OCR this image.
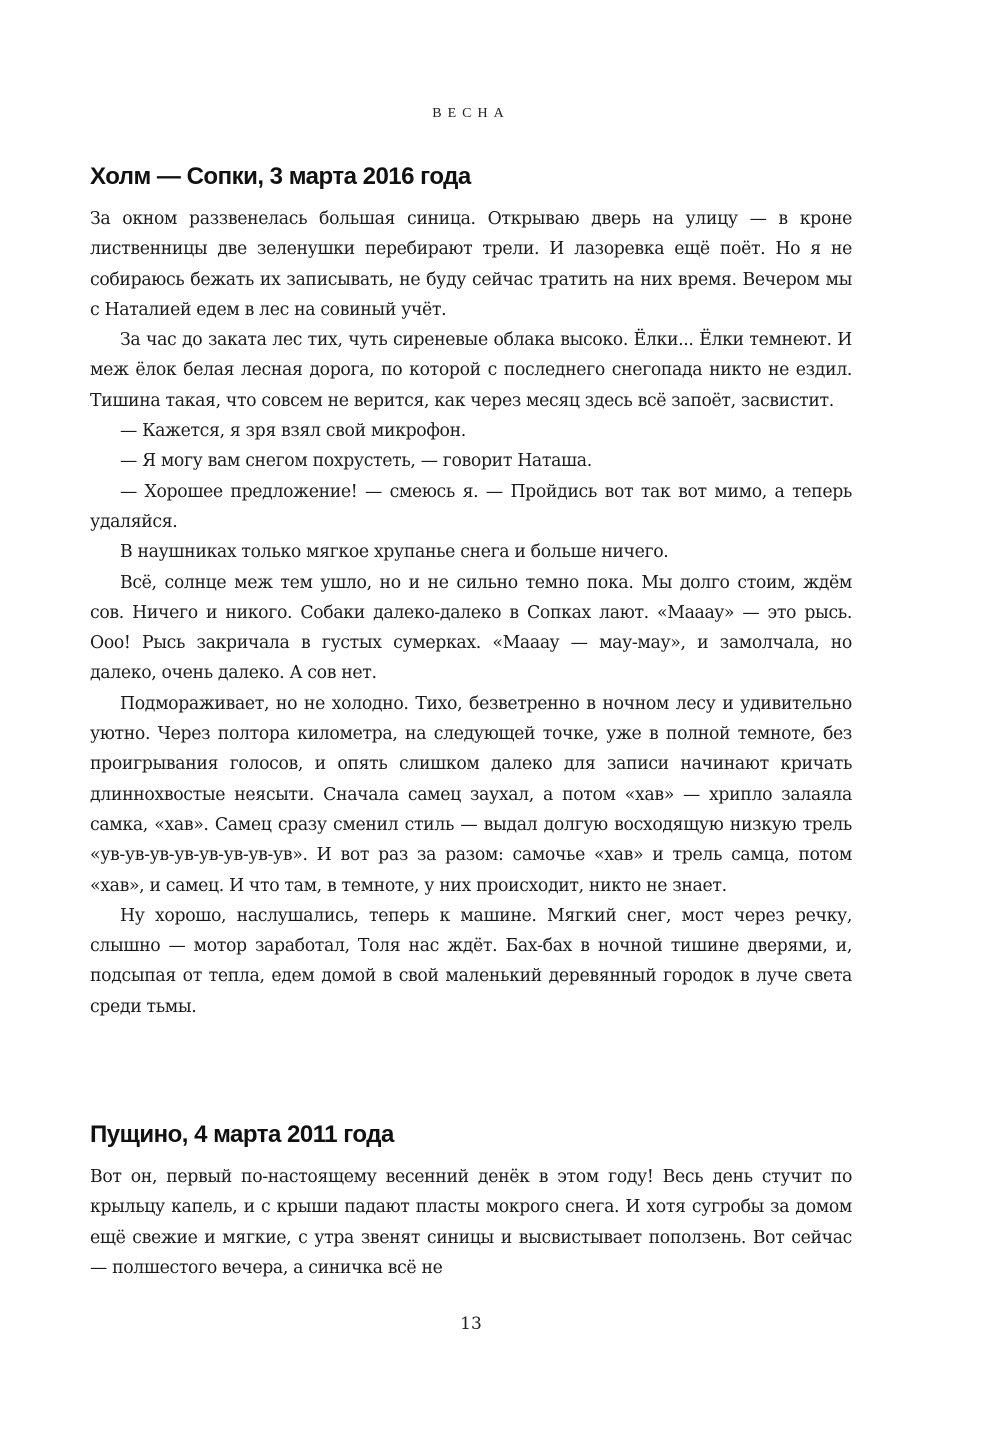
ВЕСНА
Холм — Сопки, 3 марта 2016 года

За окном раззвенелась большая синица. Открываю дверь на улицу — в кроне лиственницы две зеленушки перебирают трели. И лазоревка ещё поёт. Но я не собираюсь бежать их записывать, не буду сейчас тратить на них время. Вечером мы с Наталией едем в лес на совиный учёт.

За час до заката лес тих, чуть сиреневые облака высоко. Ёлки... Ёлки темнеют. И меж ёлок белая лесная дорога, по которой с последнего снегопада никто не ездил. Тишина такая, что совсем не верится, как через месяц здесь всё запоёт, засвистит.

— Кажется, я зря взял свой микрофон.

— Я могу вам снегом похрустеть, — говорит Наташа.

— Хорошее предложение! — смеюсь я. — Пройдись вот так вот мимо, а теперь удаляйся.

В наушниках только мягкое хрупанье снега и больше ничего.

Всё, солнце меж тем ушло, но и не сильно темно пока. Мы долго стоим, ждём сов. Ничего и никого. Собаки далеко-далеко в Сопках лают. «Маааy» — это рысь. Ооо! Рысь закричала в густых сумерках. «Маааy — мау-мау», и замолчала, но далеко, очень далеко. А сов нет.

Подмораживает, но не холодно. Тихо, безветренно в ночном лесу и удивительно уютно. Через полтора километра, на следующей точке, уже в полной темноте, без проигрывания голосов, и опять слишком далеко для записи начинают кричать длиннохвостые неясыти. Сначала самец заухал, а потом «хав» — хрипло залаяла самка, «хав». Самец сразу сменил стиль — выдал долгую восходящую низкую трель «ув-ув-ув-ув-ув-ув-ув-ув». И вот раз за разом: самочье «хав» и трель самца, потом «хав», и самец. И что там, в темноте, у них происходит, никто не знает.

Ну хорошо, наслушались, теперь к машине. Мягкий снег, мост через речку, слышно — мотор заработал, Толя нас ждёт. Бах-бах в ночной тишине дверями, и, подсыпая от тепла, едем домой в свой маленький деревянный городок в луче света среди тьмы.

Пущино, 4 марта 2011 года

Вот он, первый по-настоящему весенний денёк в этом году! Весь день стучит по крыльцу капель, и с крыши падают пласты мокрого снега. И хотя сугробы за домом ещё свежие и мягкие, с утра звенят синицы и высвистывает поползень. Вот сейчас — полшестого вечера, а синичка всё не

13
